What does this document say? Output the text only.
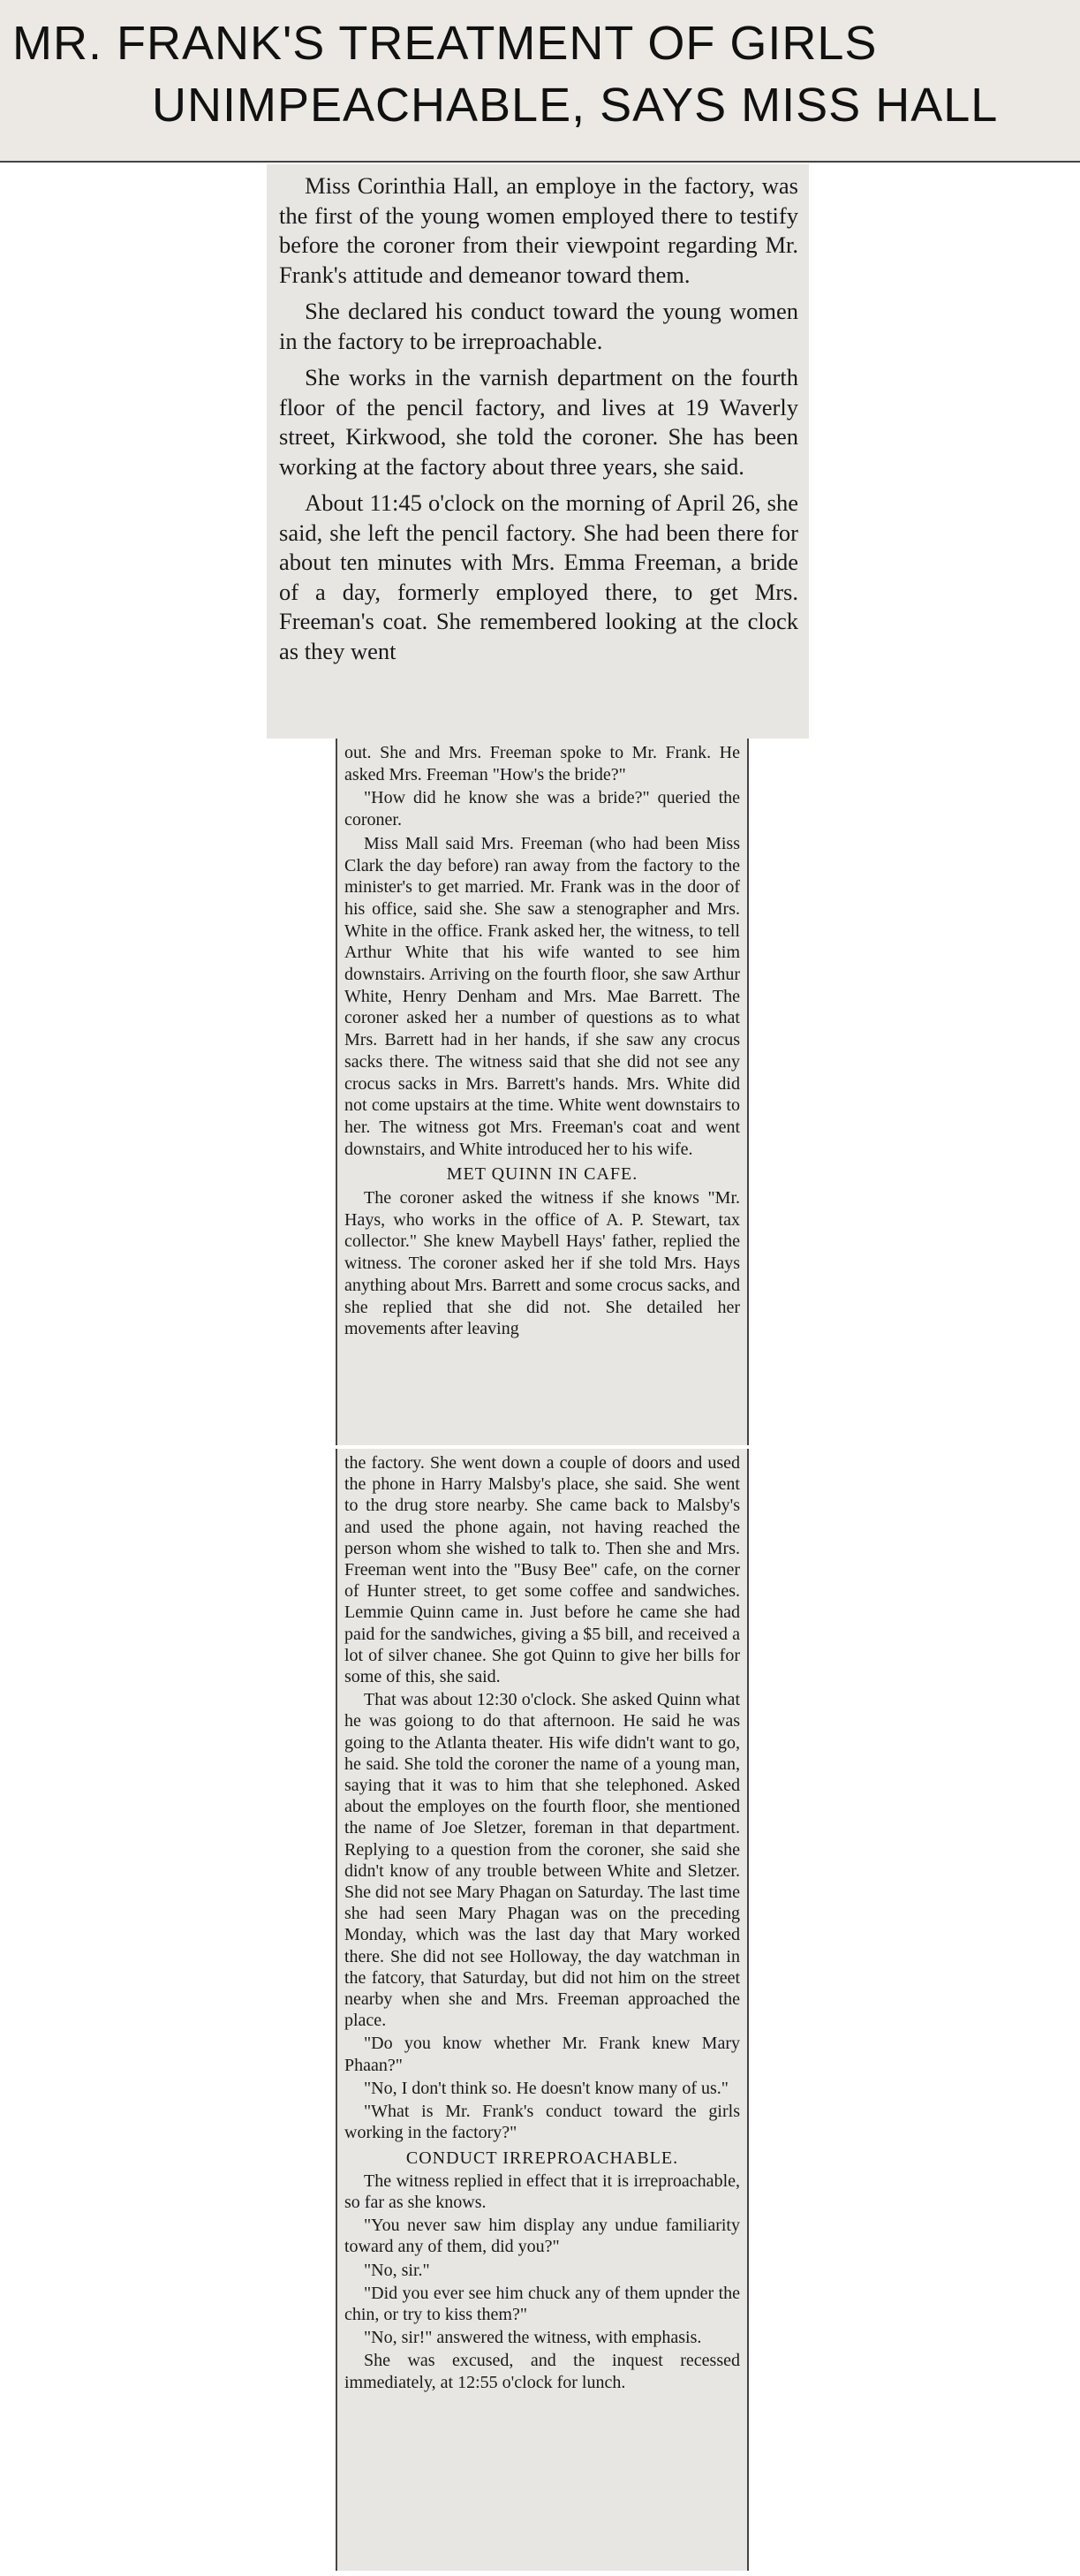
MR. FRANK'S TREATMENT OF GIRLS
UNIMPEACHABLE, SAYS MISS HALL

Miss Corinthia Hall, an employe in the factory, was the first of the young women employed there to testify before the coroner from their viewpoint regarding Mr. Frank's attitude and demeanor toward them.

She declared his conduct toward the young women in the factory to be irreproachable.

She works in the varnish department on the fourth floor of the pencil factory, and lives at 19 Waverly street, Kirkwood, she told the coroner. She has been working at the factory about three years, she said.

About 11:45 o'clock on the morning of April 26, she said, she left the pencil factory. She had been there for about ten minutes with Mrs. Emma Freeman, a bride of a day, formerly employed there, to get Mrs. Freeman's coat. She remembered looking at the clock as they went

out. She and Mrs. Freeman spoke to Mr. Frank. He asked Mrs. Freeman "How's the bride?"

"How did he know she was a bride?" queried the coroner.

Miss Mall said Mrs. Freeman (who had been Miss Clark the day before) ran away from the factory to the minister's to get married. Mr. Frank was in the door of his office, said she. She saw a stenographer and Mrs. White in the office. Frank asked her, the witness, to tell Arthur White that his wife wanted to see him downstairs. Arriving on the fourth floor, she saw Arthur White, Henry Denham and Mrs. Mae Barrett. The coroner asked her a number of questions as to what Mrs. Barrett had in her hands, if she saw any crocus sacks there. The witness said that she did not see any crocus sacks in Mrs. Barrett's hands. Mrs. White did not come upstairs at the time. White went downstairs to her. The witness got Mrs. Freeman's coat and went downstairs, and White introduced her to his wife.

MET QUINN IN CAFE.

The coroner asked the witness if she knows "Mr. Hays, who works in the office of A. P. Stewart, tax collector." She knew Maybell Hays' father, replied the witness. The coroner asked her if she told Mrs. Hays anything about Mrs. Barrett and some crocus sacks, and she replied that she did not. She detailed her movements after leaving

the factory. She went down a couple of doors and used the phone in Harry Malsby's place, she said. She went to the drug store nearby. She came back to Malsby's and used the phone again, not having reached the person whom she wished to talk to. Then she and Mrs. Freeman went into the "Busy Bee" cafe, on the corner of Hunter street, to get some coffee and sandwiches. Lemmie Quinn came in. Just before he came she had paid for the sandwiches, giving a $5 bill, and received a lot of silver chanee. She got Quinn to give her bills for some of this, she said.

That was about 12:30 o'clock. She asked Quinn what he was goiong to do that afternoon. He said he was going to the Atlanta theater. His wife didn't want to go, he said. She told the coroner the name of a young man, saying that it was to him that she telephoned. Asked about the employes on the fourth floor, she mentioned the name of Joe Sletzer, foreman in that department. Replying to a question from the coroner, she said she didn't know of any trouble between White and Sletzer. She did not see Mary Phagan on Saturday. The last time she had seen Mary Phagan was on the preceding Monday, which was the last day that Mary worked there. She did not see Holloway, the day watchman in the fatcory, that Saturday, but did not him on the street nearby when she and Mrs. Freeman approached the place.

"Do you know whether Mr. Frank knew Mary Phaan?"

"No, I don't think so. He doesn't know many of us."

"What is Mr. Frank's conduct toward the girls working in the factory?"

CONDUCT IRREPROACHABLE.

The witness replied in effect that it is irreproachable, so far as she knows.

"You never saw him display any undue familiarity toward any of them, did you?"

"No, sir."

"Did you ever see him chuck any of them upnder the chin, or try to kiss them?"

"No, sir!" answered the witness, with emphasis.

She was excused, and the inquest recessed immediately, at 12:55 o'clock for lunch.
